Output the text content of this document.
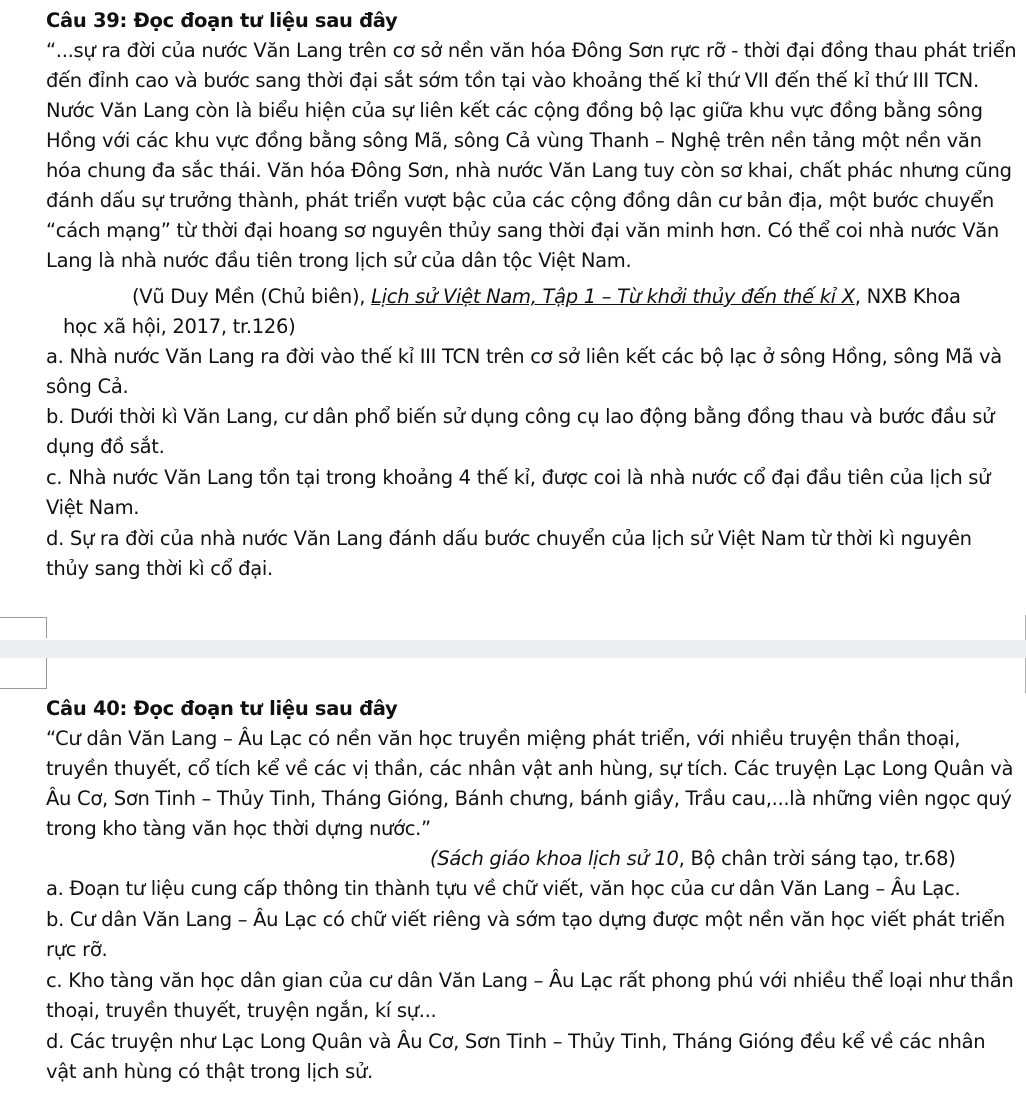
Câu 39: Đọc đoạn tư liệu sau đây

“...sự ra đời của nước Văn Lang trên cơ sở nền văn hóa Đông Sơn rực rỡ - thời đại đồng thau phát triển đến đỉnh cao và bước sang thời đại sắt sớm tồn tại vào khoảng thế kỉ thứ VII đến thế kỉ thứ III TCN. Nước Văn Lang còn là biểu hiện của sự liên kết các cộng đồng bộ lạc giữa khu vực đồng bằng sông Hồng với các khu vực đồng bằng sông Mã, sông Cả vùng Thanh – Nghệ trên nền tảng một nền văn hóa chung đa sắc thái. Văn hóa Đông Sơn, nhà nước Văn Lang tuy còn sơ khai, chất phác nhưng cũng đánh dấu sự trưởng thành, phát triển vượt bậc của các cộng đồng dân cư bản địa, một bước chuyển “cách mạng” từ thời đại hoang sơ nguyên thủy sang thời đại văn minh hơn. Có thể coi nhà nước Văn Lang là nhà nước đầu tiên trong lịch sử của dân tộc Việt Nam.

(Vũ Duy Mền (Chủ biên), Lịch sử Việt Nam, Tập 1 – Từ khởi thủy đến thế kỉ X, NXB Khoa

học xã hội, 2017, tr.126)

a. Nhà nước Văn Lang ra đời vào thế kỉ III TCN trên cơ sở liên kết các bộ lạc ở sông Hồng, sông Mã và sông Cả.

b. Dưới thời kì Văn Lang, cư dân phổ biến sử dụng công cụ lao động bằng đồng thau và bước đầu sử dụng đồ sắt.

c. Nhà nước Văn Lang tồn tại trong khoảng 4 thế kỉ, được coi là nhà nước cổ đại đầu tiên của lịch sử Việt Nam.

d. Sự ra đời của nhà nước Văn Lang đánh dấu bước chuyển của lịch sử Việt Nam từ thời kì nguyên thủy sang thời kì cổ đại.

Câu 40: Đọc đoạn tư liệu sau đây

“Cư dân Văn Lang – Âu Lạc có nền văn học truyền miệng phát triển, với nhiều truyện thần thoại, truyền thuyết, cổ tích kể về các vị thần, các nhân vật anh hùng, sự tích. Các truyện Lạc Long Quân và Âu Cơ, Sơn Tinh – Thủy Tinh, Tháng Gióng, Bánh chưng, bánh giầy, Trầu cau,...là những viên ngọc quý trong kho tàng văn học thời dựng nước.”

(Sách giáo khoa lịch sử 10, Bộ chân trời sáng tạo, tr.68)

a. Đoạn tư liệu cung cấp thông tin thành tựu về chữ viết, văn học của cư dân Văn Lang – Âu Lạc.

b. Cư dân Văn Lang – Âu Lạc có chữ viết riêng và sớm tạo dựng được một nền văn học viết phát triển rực rỡ.

c. Kho tàng văn học dân gian của cư dân Văn Lang – Âu Lạc rất phong phú với nhiều thể loại như thần thoại, truyền thuyết, truyện ngắn, kí sự...

d. Các truyện như Lạc Long Quân và Âu Cơ, Sơn Tinh – Thủy Tinh, Tháng Gióng đều kể về các nhân vật anh hùng có thật trong lịch sử.
